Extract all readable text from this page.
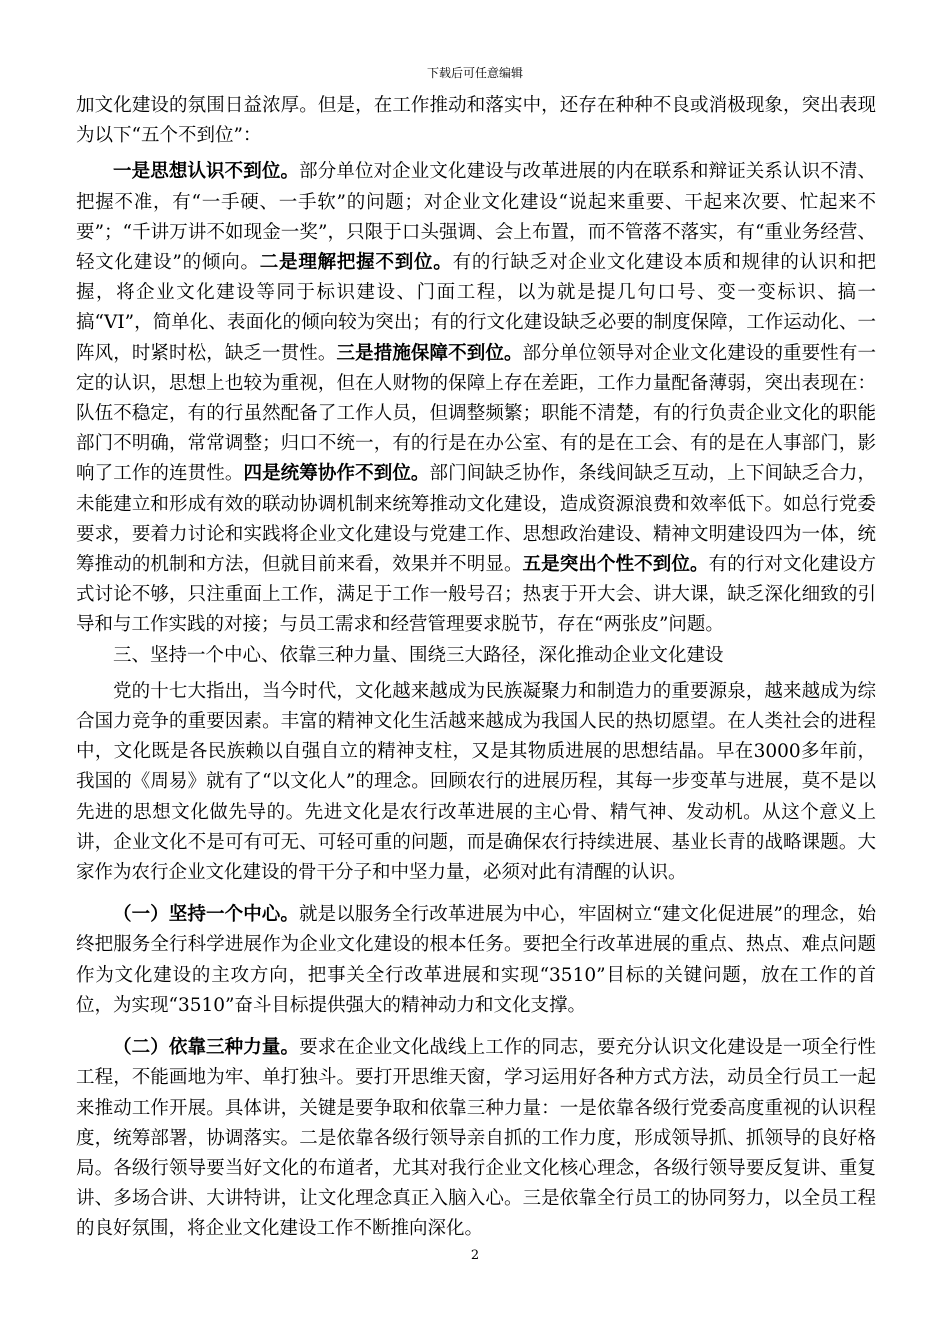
下载后可任意编辑

加文化建设的氛围日益浓厚。但是，在工作推动和落实中，还存在种种不良或消极现象，突出表现为以下“五个不到位”：

一是思想认识不到位。部分单位对企业文化建设与改革进展的内在联系和辩证关系认识不清、把握不准，有“一手硬、一手软”的问题；对企业文化建设“说起来重要、干起来次要、忙起来不要”；“千讲万讲不如现金一奖”，只限于口头强调、会上布置，而不管落不落实，有“重业务经营、轻文化建设”的倾向。二是理解把握不到位。有的行缺乏对企业文化建设本质和规律的认识和把握，将企业文化建设等同于标识建设、门面工程，以为就是提几句口号、变一变标识、搞一搞“VI”，简单化、表面化的倾向较为突出；有的行文化建设缺乏必要的制度保障，工作运动化、一阵风，时紧时松，缺乏一贯性。三是措施保障不到位。部分单位领导对企业文化建设的重要性有一定的认识，思想上也较为重视，但在人财物的保障上存在差距，工作力量配备薄弱，突出表现在：队伍不稳定，有的行虽然配备了工作人员，但调整频繁；职能不清楚，有的行负责企业文化的职能部门不明确，常常调整；归口不统一，有的行是在办公室、有的是在工会、有的是在人事部门，影响了工作的连贯性。四是统筹协作不到位。部门间缺乏协作，条线间缺乏互动，上下间缺乏合力，未能建立和形成有效的联动协调机制来统筹推动文化建设，造成资源浪费和效率低下。如总行党委要求，要着力讨论和实践将企业文化建设与党建工作、思想政治建设、精神文明建设四为一体，统筹推动的机制和方法，但就目前来看，效果并不明显。五是突出个性不到位。有的行对文化建设方式讨论不够，只注重面上工作，满足于工作一般号召；热衷于开大会、讲大课，缺乏深化细致的引导和与工作实践的对接；与员工需求和经营管理要求脱节，存在“两张皮”问题。

三、坚持一个中心、依靠三种力量、围绕三大路径，深化推动企业文化建设

党的十七大指出，当今时代，文化越来越成为民族凝聚力和制造力的重要源泉，越来越成为综合国力竞争的重要因素。丰富的精神文化生活越来越成为我国人民的热切愿望。在人类社会的进程中，文化既是各民族赖以自强自立的精神支柱，又是其物质进展的思想结晶。早在3000多年前，我国的《周易》就有了“以文化人”的理念。回顾农行的进展历程，其每一步变革与进展，莫不是以先进的思想文化做先导的。先进文化是农行改革进展的主心骨、精气神、发动机。从这个意义上讲，企业文化不是可有可无、可轻可重的问题，而是确保农行持续进展、基业长青的战略课题。大家作为农行企业文化建设的骨干分子和中坚力量，必须对此有清醒的认识。

（一）坚持一个中心。就是以服务全行改革进展为中心，牢固树立“建文化促进展”的理念，始终把服务全行科学进展作为企业文化建设的根本任务。要把全行改革进展的重点、热点、难点问题作为文化建设的主攻方向，把事关全行改革进展和实现“3510”目标的关键问题，放在工作的首位，为实现“3510”奋斗目标提供强大的精神动力和文化支撑。

（二）依靠三种力量。要求在企业文化战线上工作的同志，要充分认识文化建设是一项全行性工程，不能画地为牢、单打独斗。要打开思维天窗，学习运用好各种方式方法，动员全行员工一起来推动工作开展。具体讲，关键是要争取和依靠三种力量：一是依靠各级行党委高度重视的认识程度，统筹部署，协调落实。二是依靠各级行领导亲自抓的工作力度，形成领导抓、抓领导的良好格局。各级行领导要当好文化的布道者，尤其对我行企业文化核心理念，各级行领导要反复讲、重复讲、多场合讲、大讲特讲，让文化理念真正入脑入心。三是依靠全行员工的协同努力，以全员工程的良好氛围，将企业文化建设工作不断推向深化。

2
